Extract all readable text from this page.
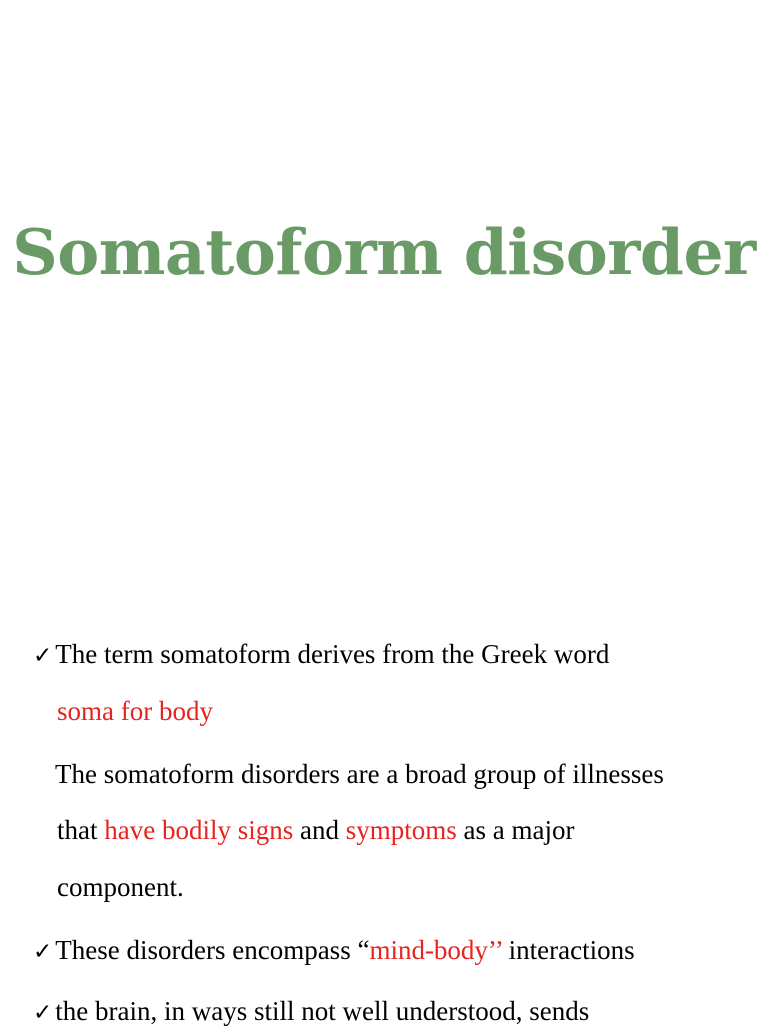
Somatoform disorder
✓ The term somatoform derives from the Greek word
soma for body
The somatoform disorders are a broad group of illnesses
that have bodily signs and symptoms as a major
component.
✓ These disorders encompass “mind-body’’ interactions
✓ the brain, in ways still not well understood, sends
